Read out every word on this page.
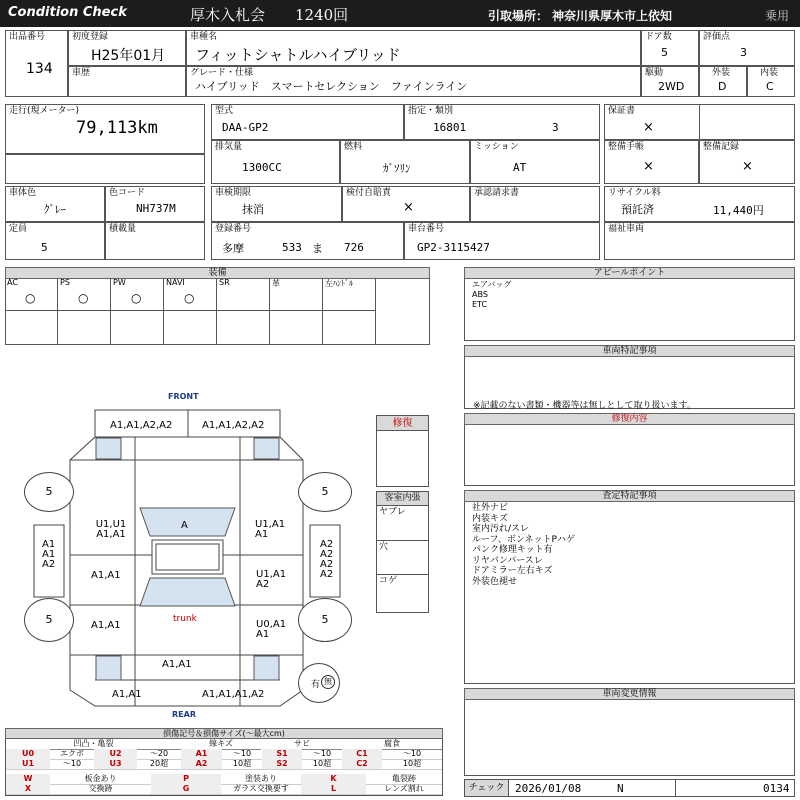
Condition Check	厚木入札会 1240回	引取場所： 神奈川県厚木市上依知	乗用
出品番号
134
初度登録
H25年01月
車歴
車種名
フィットシャトルハイブリッド
グレード・仕様
ハイブリッド　スマートセレクション　ファインライン
ドア数
5
評価点
3
駆動
2WD
外装
D
内装
C
走行(現メーター)
79,113km
型式
DAA-GP2
指定・類別
16801	3
保証書
×
排気量
1300CC
燃料
ｶﾞｿﾘﾝ
ミッション
AT
整備手帳
×
整備記録
×
車体色
ｸﾞﾚｰ
色コード
NH737M
車検期限
抹消
検付自賠責
×
承認請求書	リサイクル料
預託済	11,440円
定員
5
積載量	登録番号
多摩	533 ま 726
車台番号
GP2-3115427
福祉車両
装備
AC
○
PS
○
PW
○
NAVI
○
SR	革	左ﾊﾝﾄﾞﾙ
アピールポイント
エアバッグ
ABS
ETC
車両特記事項
※記載のない書類・機器等は無しとして取り扱います。
修復内容
査定特記事項
社外ナビ
内装キズ
室内汚れ/スレ
ルーフ、ボンネットPハゲ
パンク修理キット有
リヤバンパースレ
ドアミラー左右キズ
外装色褪せ
車両変更情報
チェック 2026/01/08	N	0134
FRONT
REAR
A1,A1,A2,A2	A1,A1,A2,A2
U1,U1 A1,A1
A	U1,A1 A1
A1,A1	U1,A1 A2
A1,A1	U0,A1 A1
trunk
A1,A1
A1,A1	A1,A1,A1,A2
A1 A1 A2
A2 A2 A2 A2
5	5
5	5
有 無
修復
客室内張
ヤブレ
穴
コゲ
損傷記号＆損傷サイズ(〜最大cm)
凹凸・亀裂	線キズ	サビ	腐食
U0	エクボ	U2	〜20	A1	〜10	S1	〜10	C1	〜10
U1	〜10	U3	20超	A2	10超	S2	10超	C2	10超
W	板金あり	P	塗装あり	K	亀裂跡
X	交換跡	G	ガラス交換要す	L	レンズ割れ
